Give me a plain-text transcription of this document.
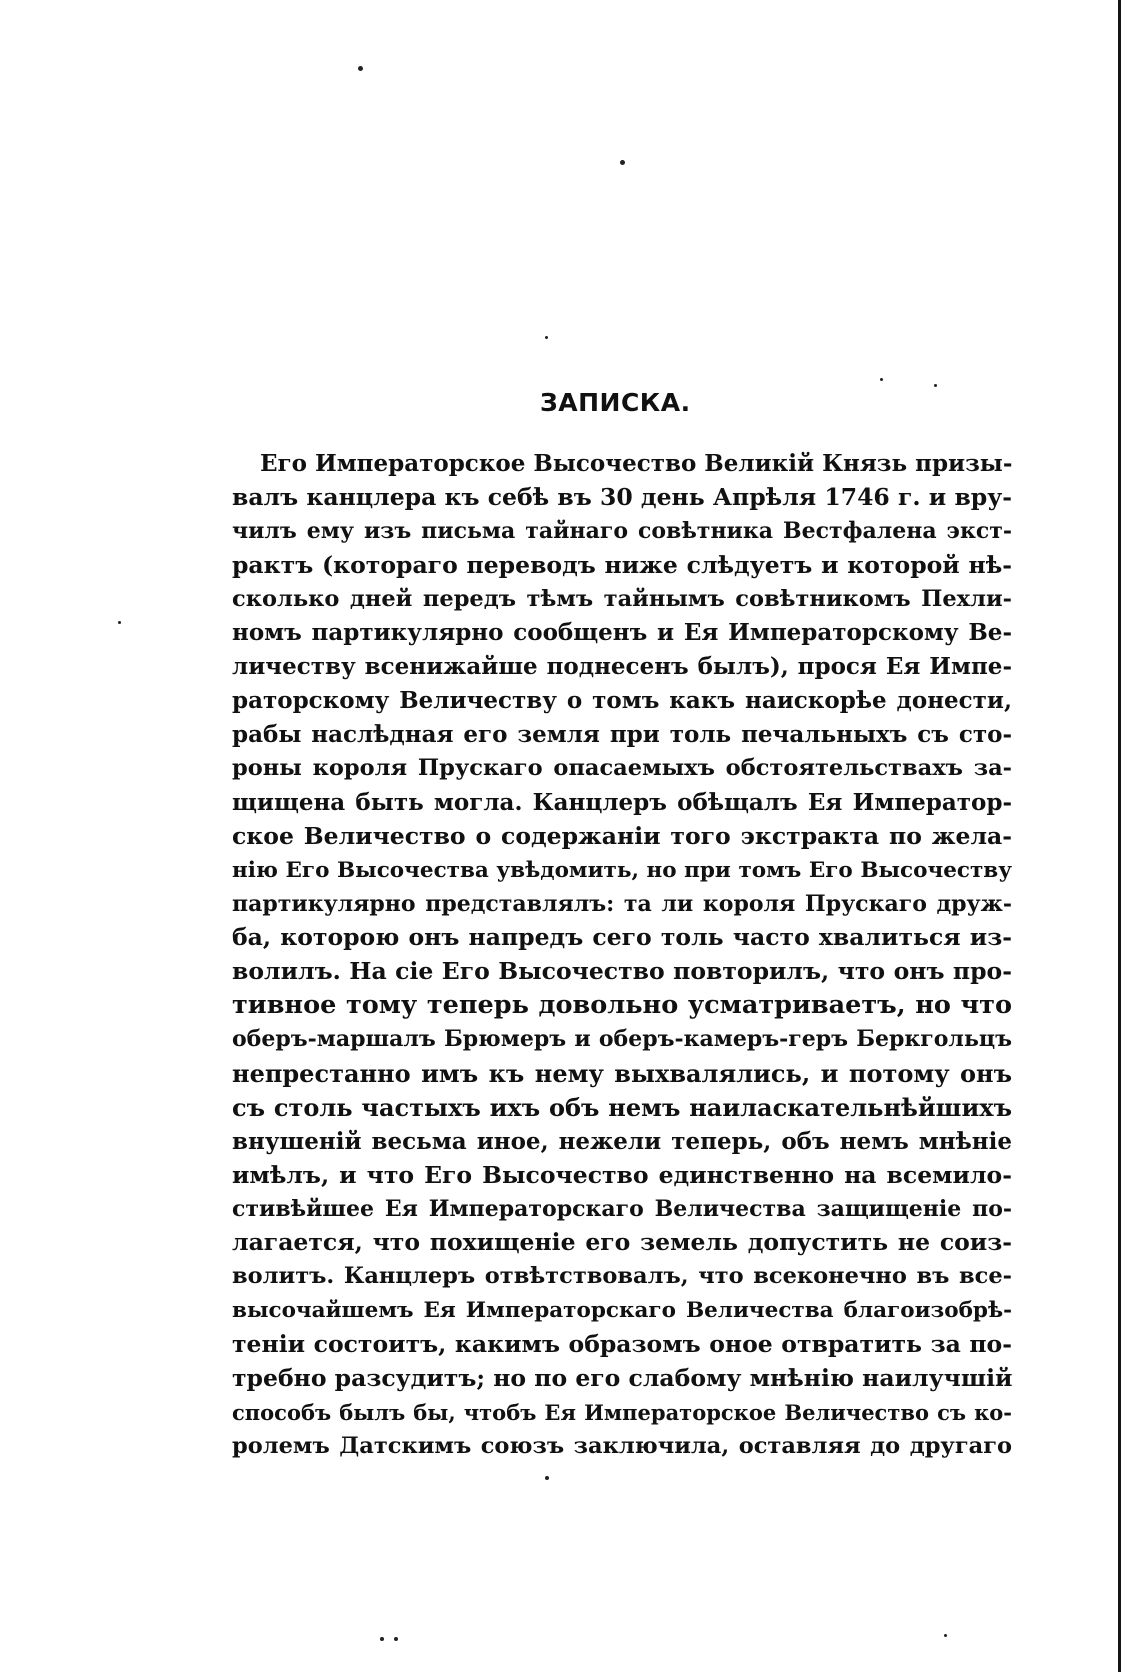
ЗАПИСКА.
Его Императорское Высочество Великій Князь призы-
валъ канцлера къ себѣ въ 30 день Апрѣля 1746 г. и вру-
чилъ ему изъ письма тайнаго совѣтника Вестфалена экст-
рактъ (котораго переводъ ниже слѣдуетъ и которой нѣ-
сколько дней передъ тѣмъ тайнымъ совѣтникомъ Пехли-
номъ партикулярно сообщенъ и Ея Императорскому Ве-
личеству всенижайше поднесенъ былъ), прося Ея Импе-
раторскому Величеству о томъ какъ наискорѣе донести,
рабы наслѣдная его земля при толь печальныхъ съ сто-
роны короля Прускаго опасаемыхъ обстоятельствахъ за-
щищена быть могла. Канцлеръ обѣщалъ Ея Император-
ское Величество о содержаніи того экстракта по жела-
нію Его Высочества увѣдомить, но при томъ Его Высочеству
партикулярно представлялъ: та ли короля Прускаго друж-
ба, которою онъ напредъ сего толь часто хвалиться из-
волилъ. На сіе Его Высочество повторилъ, что онъ про-
тивное тому теперь довольно усматриваетъ, но что
оберъ-маршалъ Брюмеръ и оберъ-камеръ-геръ Беркгольцъ
непрестанно имъ къ нему выхвалялись, и потому онъ
съ столь частыхъ ихъ объ немъ наиласкательнѣйшихъ
внушеній весьма иное, нежели теперь, объ немъ мнѣніе
имѣлъ, и что Его Высочество единственно на всемило-
стивѣйшее Ея Императорскаго Величества защищеніе по-
лагается, что похищеніе его земель допустить не соиз-
волитъ. Канцлеръ отвѣтствовалъ, что всеконечно въ все-
высочайшемъ Ея Императорскаго Величества благоизобрѣ-
теніи состоитъ, какимъ образомъ оное отвратить за по-
требно разсудитъ; но по его слабому мнѣнію наилучшій
способъ былъ бы, чтобъ Ея Императорское Величество съ ко-
ролемъ Датскимъ союзъ заключила, оставляя до другаго
